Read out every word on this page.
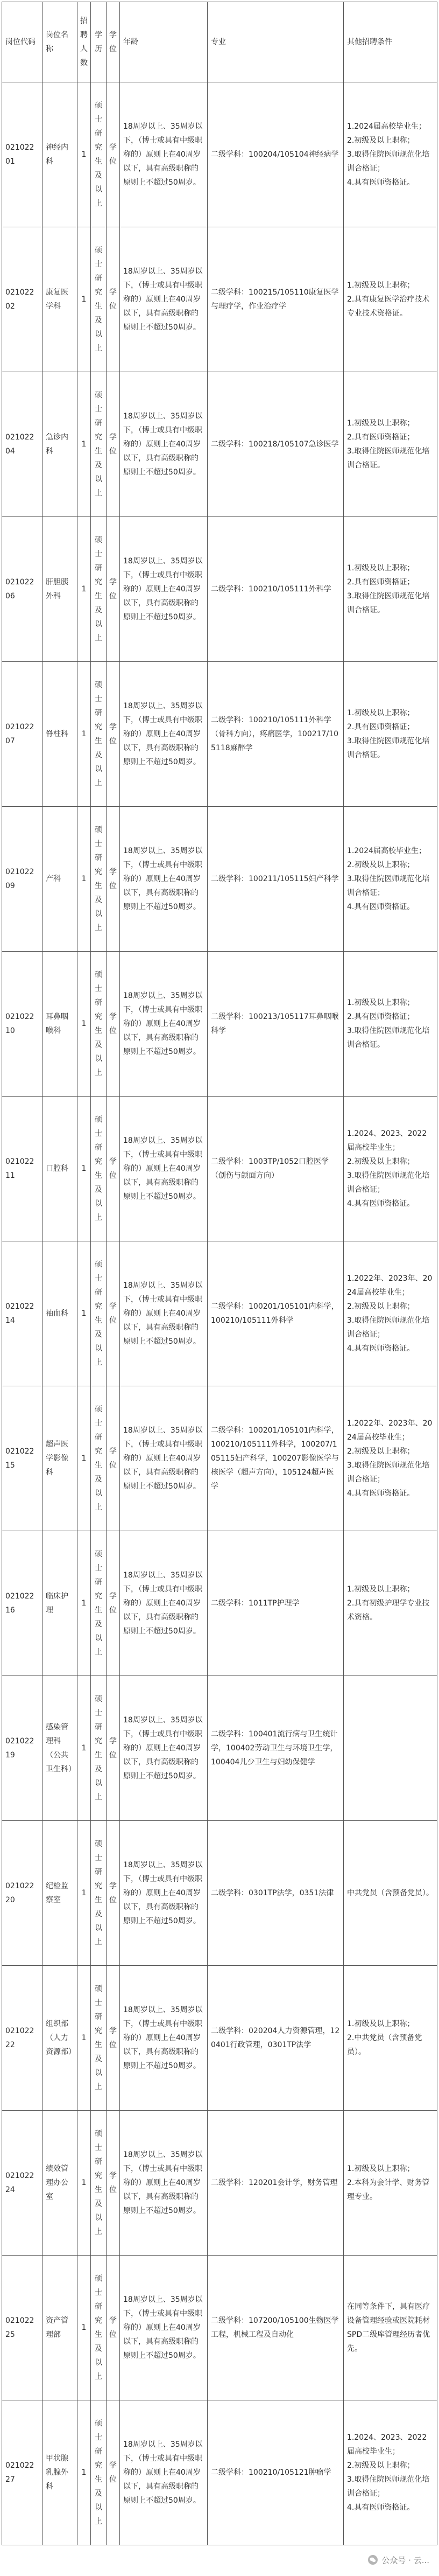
岗位代码	岗位名称	招聘人数	学历	学位	年龄	专业	其他招聘条件
02102201	神经内科	1	硕士研究生及以上	学位	18周岁以上、35周岁以下，（博士或具有中级职称的）原则上在40周岁以下，具有高级职称的原则上不超过50周岁。	二级学科：100204/105104神经病学	1.2024届高校毕业生；
2.初级及以上职称；
3.取得住院医师规范化培训合格证；
4.具有医师资格证。
02102202	康复医学科	1	硕士研究生及以上	学位	18周岁以上、35周岁以下，（博士或具有中级职称的）原则上在40周岁以下，具有高级职称的原则上不超过50周岁。	二级学科：100215/105110康复医学与理疗学，作业治疗学	1.初级及以上职称；
2.具有康复医学治疗技术专业技术资格证。
02102204	急诊内科	1	硕士研究生及以上	学位	18周岁以上、35周岁以下，（博士或具有中级职称的）原则上在40周岁以下，具有高级职称的原则上不超过50周岁。	二级学科：100218/105107急诊医学	1.初级及以上职称；
2.具有医师资格证；
3.取得住院医师规范化培训合格证。
02102206	肝胆胰外科	1	硕士研究生及以上	学位	18周岁以上、35周岁以下，（博士或具有中级职称的）原则上在40周岁以下，具有高级职称的原则上不超过50周岁。	二级学科：100210/105111外科学	1.初级及以上职称；
2.具有医师资格证；
3.取得住院医师规范化培训合格证。
02102207	脊柱科	1	硕士研究生及以上	学位	18周岁以上、35周岁以下，（博士或具有中级职称的）原则上在40周岁以下，具有高级职称的原则上不超过50周岁。	二级学科：100210/105111外科学（骨科方向），疼痛医学，100217/105118麻醉学	1.初级及以上职称；
2.具有医师资格证；
3.取得住院医师规范化培训合格证。
02102209	产科	1	硕士研究生及以上	学位	18周岁以上、35周岁以下，（博士或具有中级职称的）原则上在40周岁以下，具有高级职称的原则上不超过50周岁。	二级学科：100211/105115妇产科学	1.2024届高校毕业生；
2.初级及以上职称；
3.取得住院医师规范化培训合格证；
4.具有医师资格证。
02102210	耳鼻咽喉科	1	硕士研究生及以上	学位	18周岁以上、35周岁以下，（博士或具有中级职称的）原则上在40周岁以下，具有高级职称的原则上不超过50周岁。	二级学科：100213/105117耳鼻咽喉科学	1.初级及以上职称；
2.具有医师资格证；
3.取得住院医师规范化培训合格证。
02102211	口腔科	1	硕士研究生及以上	学位	18周岁以上、35周岁以下，（博士或具有中级职称的）原则上在40周岁以下，具有高级职称的原则上不超过50周岁。	二级学科：1003TP/1052口腔医学（创伤与颌面方向）	1.2024、2023、2022届高校毕业生；
2.初级及以上职称；
3.取得住院医师规范化培训合格证；
4.具有医师资格证。
02102214	袖血科	1	硕士研究生及以上	学位	18周岁以上、35周岁以下，（博士或具有中级职称的）原则上在40周岁以下，具有高级职称的原则上不超过50周岁。	二级学科：100201/105101内科学，100210/105111外科学	1.2022年、2023年、2024届高校毕业生；
2.初级及以上职称；
3.取得住院医师规范化培训合格证；
4.具有医师资格证。
02102215	超声医学影像科	1	硕士研究生及以上	学位	18周岁以上、35周岁以下，（博士或具有中级职称的）原则上在40周岁以下，具有高级职称的原则上不超过50周岁。	二级学科：100201/105101内科学，100210/105111外科学，100207/105115妇产科学，100207影像医学与核医学（超声方向），105124超声医学	1.2022年、2023年、2024届高校毕业生；
2.初级及以上职称；
3.取得住院医师规范化培训合格证；
4.具有医师资格证。
02102216	临床护理	1	硕士研究生及以上	学位	18周岁以上、35周岁以下，（博士或具有中级职称的）原则上在40周岁以下，具有高级职称的原则上不超过50周岁。	二级学科：1011TP护理学	1.初级及以上职称；
2.具有初级护理学专业技术资格。
02102219	感染管理科（公共卫生科）	1	硕士研究生及以上	学位	18周岁以上、35周岁以下，（博士或具有中级职称的）原则上在40周岁以下，具有高级职称的原则上不超过50周岁。	二级学科：100401流行病与卫生统计学，100402劳动卫生与环境卫生学，100404儿少卫生与妇幼保健学	
02102220	纪检监察室	1	硕士研究生及以上	学位	18周岁以上、35周岁以下，（博士或具有中级职称的）原则上在40周岁以下，具有高级职称的原则上不超过50周岁。	二级学科：0301TP法学，0351法律	中共党员（含预备党员）。
02102222	组织部（人力资源部）	1	硕士研究生及以上	学位	18周岁以上、35周岁以下，（博士或具有中级职称的）原则上在40周岁以下，具有高级职称的原则上不超过50周岁。	二级学科：020204人力资源管理，120401行政管理，0301TP法学	1.初级及以上职称；
2.中共党员（含预备党员）。
02102224	绩效管理办公室	1	硕士研究生及以上	学位	18周岁以上、35周岁以下，（博士或具有中级职称的）原则上在40周岁以下，具有高级职称的原则上不超过50周岁。	二级学科：120201会计学，财务管理	1.初级及以上职称；
2.本科为会计学、财务管理专业。
02102225	资产管理部	1	硕士研究生及以上	学位	18周岁以上、35周岁以下，（博士或具有中级职称的）原则上在40周岁以下，具有高级职称的原则上不超过50周岁。	二级学科：107200/105100生物医学工程，机械工程及自动化	在同等条件下，具有医疗设备管理经验或医院耗材SPD二级库管理经历者优先。
02102227	甲状腺乳腺外科	1	硕士研究生及以上	学位	18周岁以上、35周岁以下，（博士或具有中级职称的）原则上在40周岁以下，具有高级职称的原则上不超过50周岁。	二级学科：100210/105121肿瘤学	1.2024、2023、2022届高校毕业生；
2.初级及以上职称；
3.取得住院医师规范化培训合格证；
4.具有医师资格证。
公众号 · 云...
